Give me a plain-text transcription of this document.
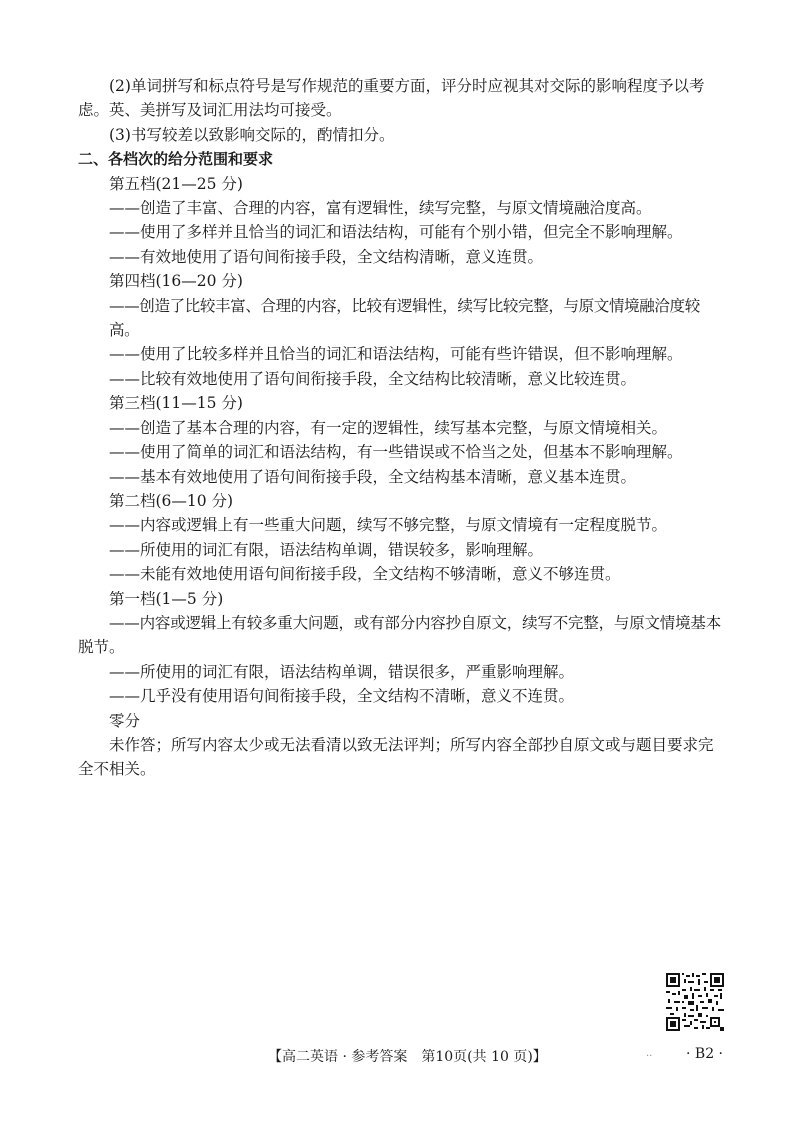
(2)单词拼写和标点符号是写作规范的重要方面，评分时应视其对交际的影响程度予以考

虑。英、美拼写及词汇用法均可接受。

(3)书写较差以致影响交际的，酌情扣分。

二、各档次的给分范围和要求

第五档(21—25 分)

——创造了丰富、合理的内容，富有逻辑性，续写完整，与原文情境融洽度高。

——使用了多样并且恰当的词汇和语法结构，可能有个别小错，但完全不影响理解。

——有效地使用了语句间衔接手段，全文结构清晰，意义连贯。

第四档(16—20 分)

——创造了比较丰富、合理的内容，比较有逻辑性，续写比较完整，与原文情境融洽度较高。

——使用了比较多样并且恰当的词汇和语法结构，可能有些许错误，但不影响理解。

——比较有效地使用了语句间衔接手段，全文结构比较清晰，意义比较连贯。

第三档(11—15 分)

——创造了基本合理的内容，有一定的逻辑性，续写基本完整，与原文情境相关。

——使用了简单的词汇和语法结构，有一些错误或不恰当之处，但基本不影响理解。

——基本有效地使用了语句间衔接手段，全文结构基本清晰，意义基本连贯。

第二档(6—10 分)

——内容或逻辑上有一些重大问题，续写不够完整，与原文情境有一定程度脱节。

——所使用的词汇有限，语法结构单调，错误较多，影响理解。

——未能有效地使用语句间衔接手段，全文结构不够清晰，意义不够连贯。

第一档(1—5 分)

——内容或逻辑上有较多重大问题，或有部分内容抄自原文，续写不完整，与原文情境基本

脱节。

——所使用的词汇有限，语法结构单调，错误很多，严重影响理解。

——几乎没有使用语句间衔接手段，全文结构不清晰，意义不连贯。

零分

未作答；所写内容太少或无法看清以致无法评判；所写内容全部抄自原文或与题目要求完

全不相关。

【高二英语 · 参考答案　第10页(共 10 页)】	.. · B2 ·
